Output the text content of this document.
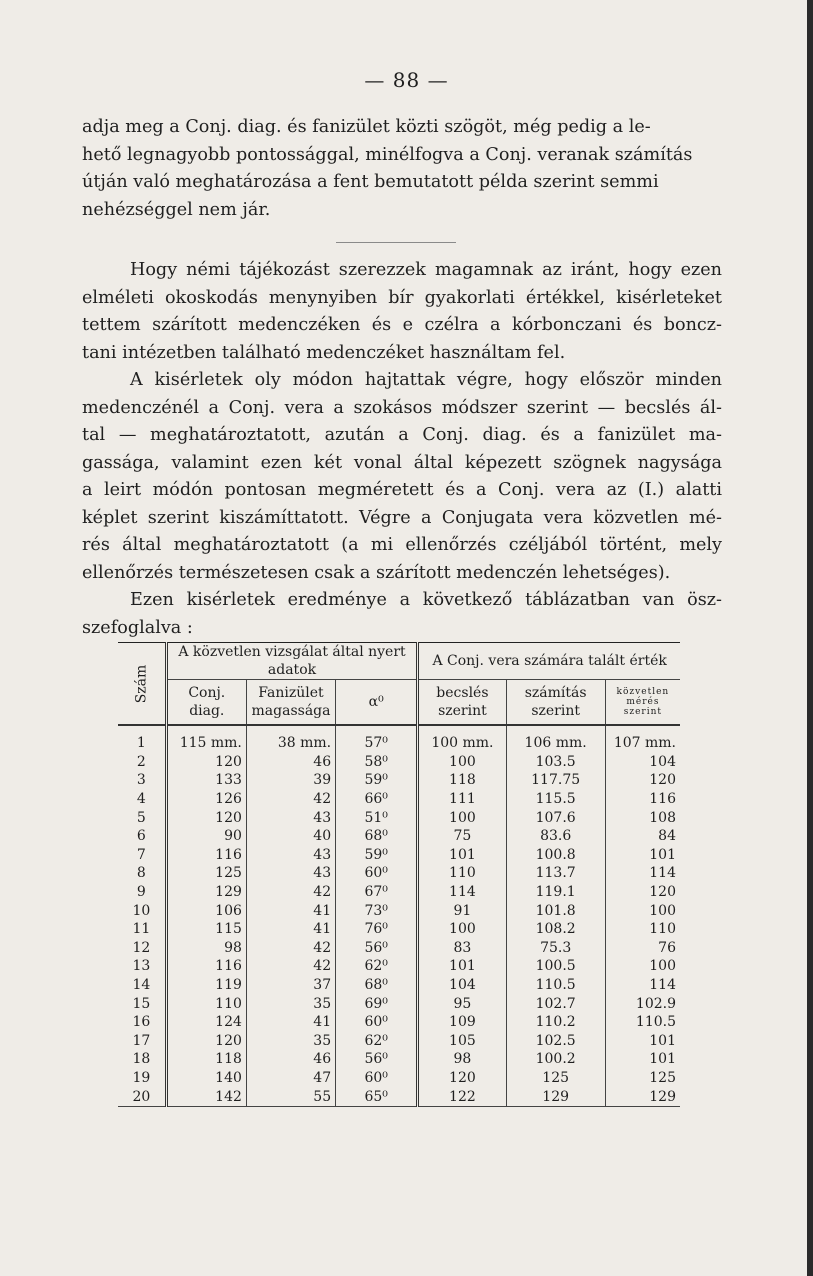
— 88 —
adja meg a Conj. diag. és fanizület közti szögöt, még pedig a le-
hető legnagyobb pontossággal, minélfogva a Conj. veranak számítás
útján való meghatározása a fent bemutatott példa szerint semmi
nehézséggel nem jár.
Hogy némi tájékozást szerezzek magamnak az iránt, hogy ezen
elméleti okoskodás menynyiben bír gyakorlati értékkel, kisérleteket
tettem szárított medenczéken és e czélra a kórbonczani és boncz-
tani intézetben található medenczéket használtam fel.
A kisérletek oly módon hajtattak végre, hogy először minden
medenczénél a Conj. vera a szokásos módszer szerint — becslés ál-
tal — meghatároztatott, azután a Conj. diag. és a fanizület ma-
gassága, valamint ezen két vonal által képezett szögnek nagysága
a leirt módón pontosan megméretett és a Conj. vera az (I.) alatti
képlet szerint kiszámíttatott. Végre a Conjugata vera közvetlen mé-
rés által meghatároztatott (a mi ellenőrzés czéljából történt, mely
ellenőrzés természetesen csak a szárított medenczén lehetséges).
Ezen kisérletek eredménye a következő táblázatban van ösz-
szefoglalva :
Szám	A közvetlen vizsgálat által nyert adatok			A Conj. vera számára talált érték		
	Conj. diag.	Fanizület magassága	α⁰	becslés szerint	számítás szerint	közvetlen mérés szerint
1	115 mm.	38 mm.	57⁰	100 mm.	106 mm.	107 mm.
2	120	46	58⁰	100	103.5	104
3	133	39	59⁰	118	117.75	120
4	126	42	66⁰	111	115.5	116
5	120	43	51⁰	100	107.6	108
6	90	40	68⁰	75	83.6	84
7	116	43	59⁰	101	100.8	101
8	125	43	60⁰	110	113.7	114
9	129	42	67⁰	114	119.1	120
10	106	41	73⁰	91	101.8	100
11	115	41	76⁰	100	108.2	110
12	98	42	56⁰	83	75.3	76
13	116	42	62⁰	101	100.5	100
14	119	37	68⁰	104	110.5	114
15	110	35	69⁰	95	102.7	102.9
16	124	41	60⁰	109	110.2	110.5
17	120	35	62⁰	105	102.5	101
18	118	46	56⁰	98	100.2	101
19	140	47	60⁰	120	125	125
20	142	55	65⁰	122	129	129
